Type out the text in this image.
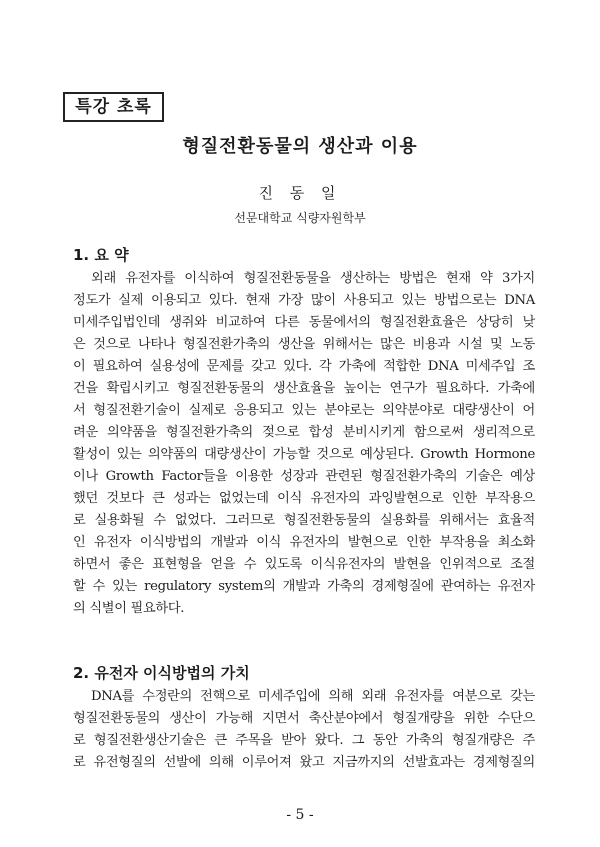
특강 초록
형질전환동물의 생산과 이용
진 동 일
선문대학교 식량자원학부
1. 요 약
외래 유전자를 이식하여 형질전환동물을 생산하는 방법은 현재 약 3가지
정도가 실제 이용되고 있다. 현재 가장 많이 사용되고 있는 방법으로는 DNA
미세주입법인데 생쥐와 비교하여 다른 동물에서의 형질전환효율은 상당히 낮
은 것으로 나타나 형질전환가축의 생산을 위해서는 많은 비용과 시설 및 노동
이 필요하여 실용성에 문제를 갖고 있다. 각 가축에 적합한 DNA 미세주입 조
건을 확립시키고 형질전환동물의 생산효율을 높이는 연구가 필요하다. 가축에
서 형질전환기술이 실제로 응용되고 있는 분야로는 의약분야로 대량생산이 어
려운 의약품을 형질전환가축의 젖으로 합성 분비시키게 함으로써 생리적으로
활성이 있는 의약품의 대량생산이 가능할 것으로 예상된다. Growth Hormone
이나 Growth Factor들을 이용한 성장과 관련된 형질전환가축의 기술은 예상
했던 것보다 큰 성과는 없었는데 이식 유전자의 과잉발현으로 인한 부작용으
로 실용화될 수 없었다. 그러므로 형질전환동물의 실용화를 위해서는 효율적
인 유전자 이식방법의 개발과 이식 유전자의 발현으로 인한 부작용을 최소화
하면서 좋은 표현형을 얻을 수 있도록 이식유전자의 발현을 인위적으로 조절
할 수 있는 regulatory system의 개발과 가축의 경제형질에 관여하는 유전자
의 식별이 필요하다.
2. 유전자 이식방법의 가치
DNA를 수정란의 전핵으로 미세주입에 의해 외래 유전자를 여분으로 갖는
형질전환동물의 생산이 가능해 지면서 축산분야에서 형질개량을 위한 수단으
로 형질전환생산기술은 큰 주목을 받아 왔다. 그 동안 가축의 형질개량은 주
로 유전형질의 선발에 의해 이루어져 왔고 지금까지의 선발효과는 경제형질의
- 5 -
